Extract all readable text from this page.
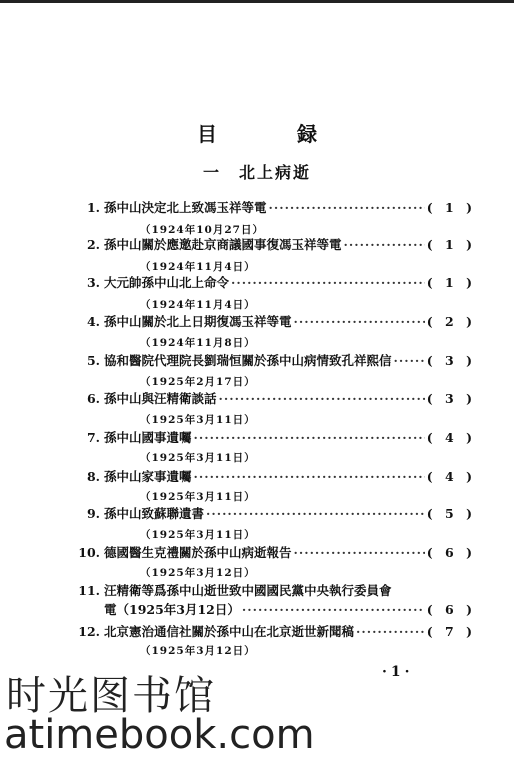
目　録
一　北上病逝
1. 孫中山決定北上致馮玉祥等電 ·····	( 1 )
（1924年10月27日）
2. 孫中山關於應邀赴京商議國事復馮玉祥等電 ·····	( 1 )
（1924年11月4日）
3. 大元帥孫中山北上命令 ·····	( 1 )
（1924年11月4日）
4. 孫中山關於北上日期復馮玉祥等電 ·····	( 2 )
（1924年11月8日）
5. 協和醫院代理院長劉瑞恒關於孫中山病情致孔祥熙信 ·····	( 3 )
（1925年2月17日）
6. 孫中山與汪精衛談話 ·····	( 3 )
（1925年3月11日）
7. 孫中山國事遺囑 ·····	( 4 )
（1925年3月11日）
8. 孫中山家事遺囑 ·····	( 4 )
（1925年3月11日）
9. 孫中山致蘇聯遺書 ·····	( 5 )
（1925年3月11日）
10. 德國醫生克禮關於孫中山病逝報告 ·····	( 6 )
（1925年3月12日）
11. 汪精衛等爲孫中山逝世致中國國民黨中央執行委員會
電（1925年3月12日） ·····	( 6 )
12. 北京憲治通信社關於孫中山在北京逝世新聞稿 ·····	( 7 )
（1925年3月12日）
·1·
时光图书馆
atimebook.com
